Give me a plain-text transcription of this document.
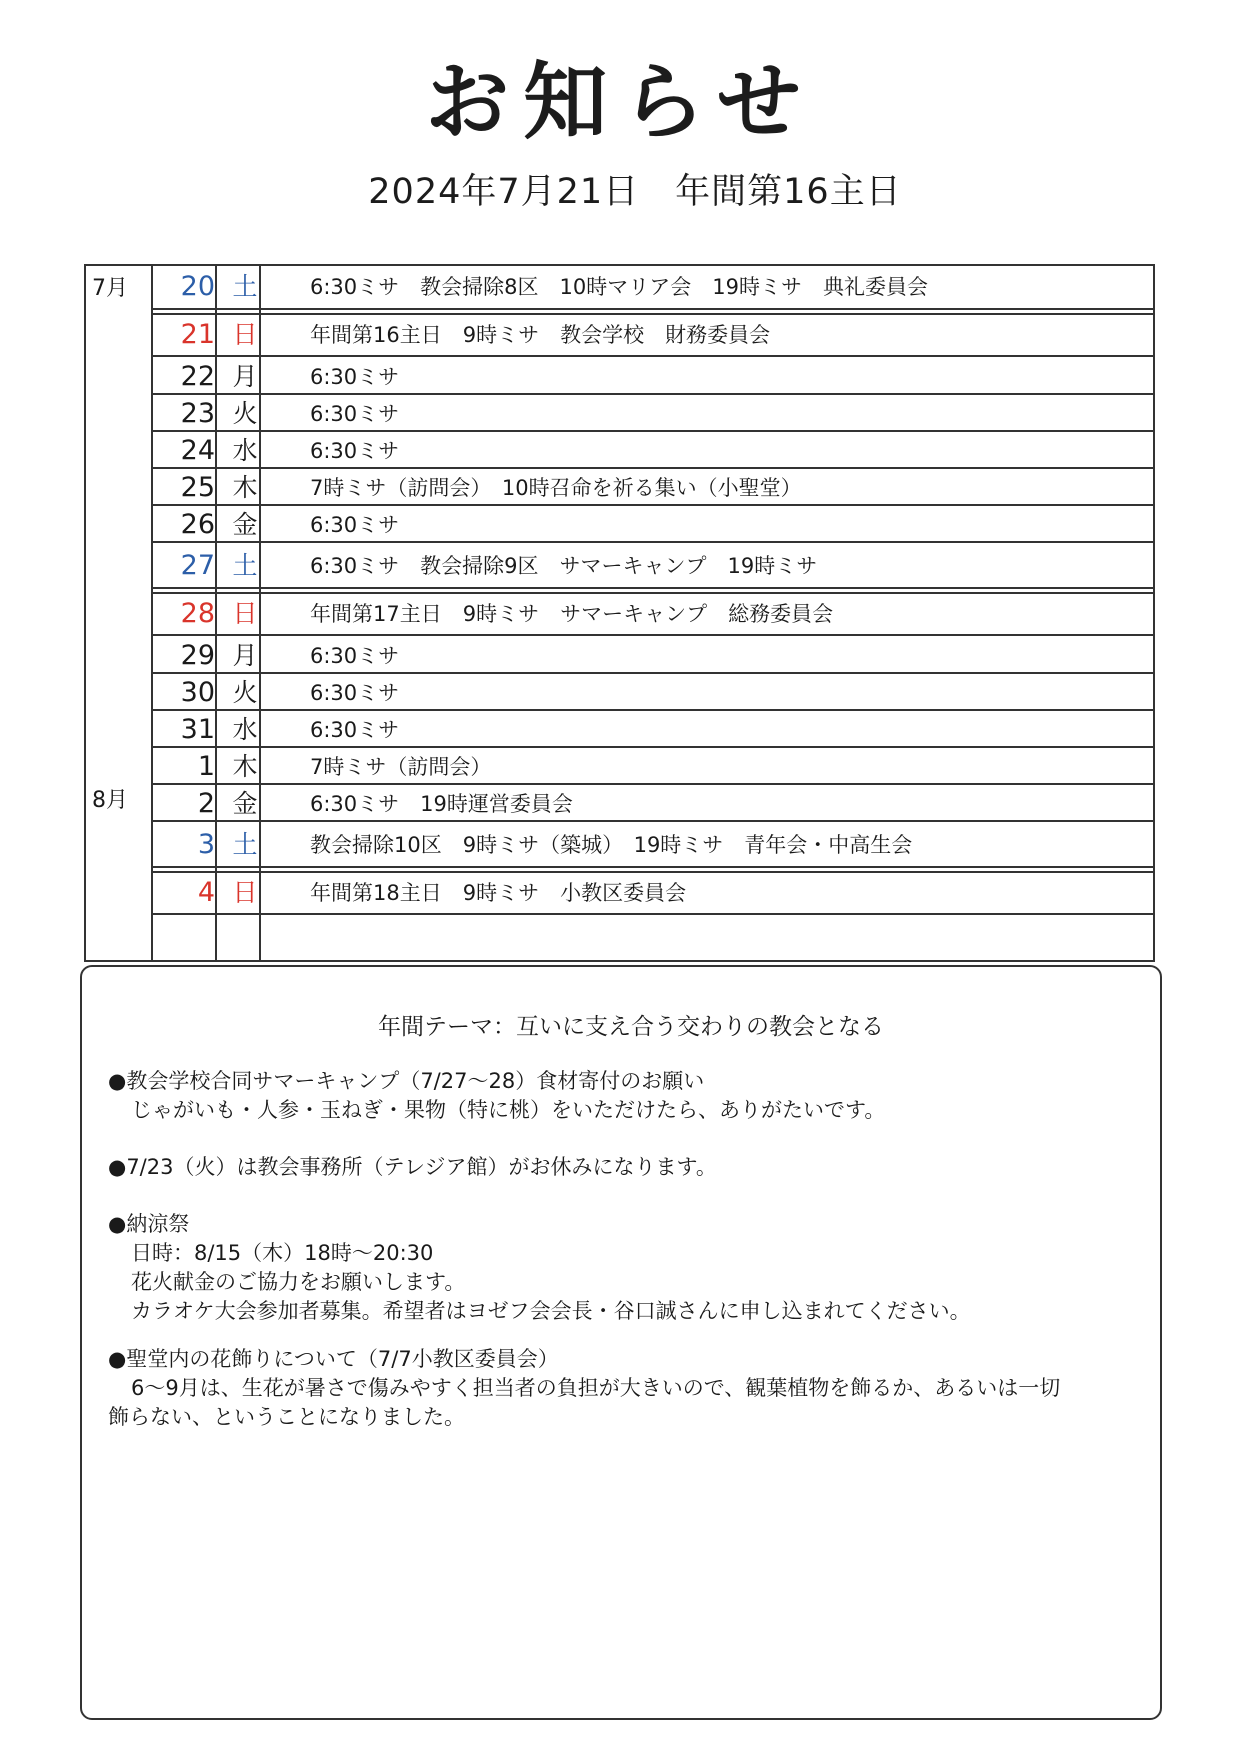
お知らせ
2024年7月21日　年間第16主日
7月
8月
20 土	6:30ミサ　教会掃除8区　10時マリア会　19時ミサ　典礼委員会
21 日	年間第16主日　9時ミサ　教会学校　財務委員会
22 月	6:30ミサ
23 火	6:30ミサ
24 水	6:30ミサ
25 木	7時ミサ（訪問会）　10時召命を祈る集い（小聖堂）
26 金	6:30ミサ
27 土	6:30ミサ　教会掃除9区　サマーキャンプ　19時ミサ
28 日	年間第17主日　9時ミサ　サマーキャンプ　総務委員会
29 月	6:30ミサ
30 火	6:30ミサ
31 水	6:30ミサ
1 木	7時ミサ（訪問会）
2 金	6:30ミサ　19時運営委員会
3 土	教会掃除10区　9時ミサ（築城）　19時ミサ　青年会・中高生会
4 日	年間第18主日　9時ミサ　小教区委員会
年間テーマ：互いに支え合う交わりの教会となる
●教会学校合同サマーキャンプ（7/27〜28）食材寄付のお願い
じゃがいも・人参・玉ねぎ・果物（特に桃）をいただけたら、ありがたいです。
●7/23（火）は教会事務所（テレジア館）がお休みになります。
●納涼祭
日時：8/15（木）18時〜20:30
花火献金のご協力をお願いします。
カラオケ大会参加者募集。希望者はヨゼフ会会長・谷口誠さんに申し込まれてください。
●聖堂内の花飾りについて（7/7小教区委員会）
6〜9月は、生花が暑さで傷みやすく担当者の負担が大きいので、観葉植物を飾るか、あるいは一切
飾らない、ということになりました。
